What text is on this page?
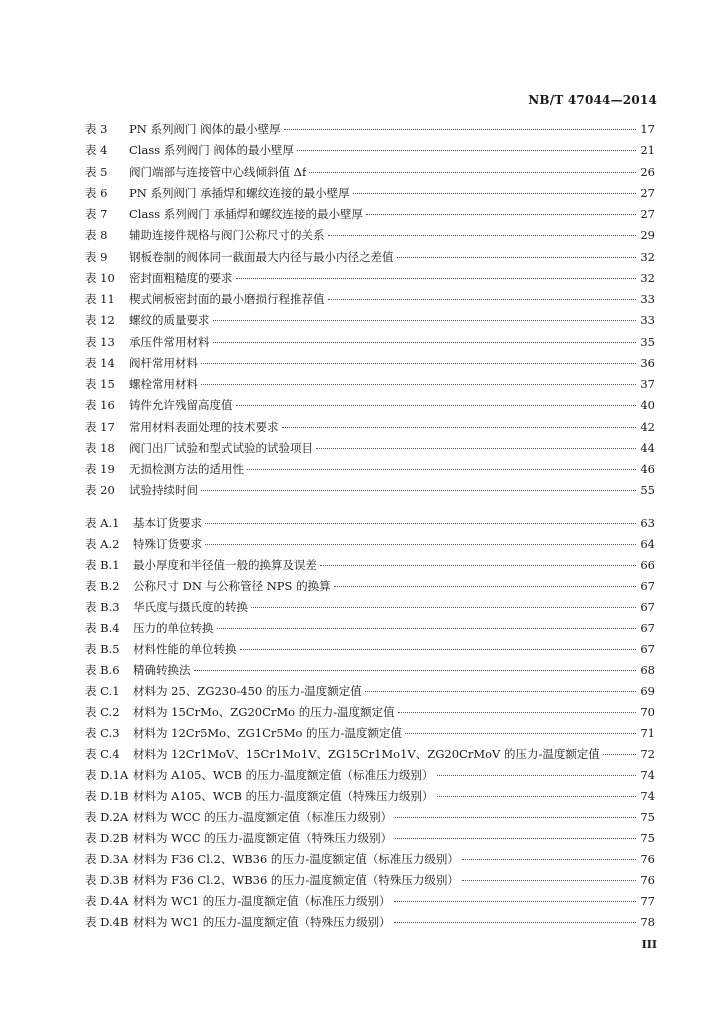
NB/T 47044—2014
表 3	PN 系列阀门 阀体的最小壁厚	17
表 4	Class 系列阀门 阀体的最小壁厚	21
表 5	阀门端部与连接管中心线倾斜值 Δf	26
表 6	PN 系列阀门 承插焊和螺纹连接的最小壁厚	27
表 7	Class 系列阀门 承插焊和螺纹连接的最小壁厚	27
表 8	辅助连接件规格与阀门公称尺寸的关系	29
表 9	钢板卷制的阀体同一截面最大内径与最小内径之差值	32
表 10	密封面粗糙度的要求	32
表 11	楔式闸板密封面的最小磨损行程推荐值	33
表 12	螺纹的质量要求	33
表 13	承压件常用材料	35
表 14	阀杆常用材料	36
表 15	螺栓常用材料	37
表 16	铸件允许残留高度值	40
表 17	常用材料表面处理的技术要求	42
表 18	阀门出厂试验和型式试验的试验项目	44
表 19	无损检测方法的适用性	46
表 20	试验持续时间	55
表 A.1	基本订货要求	63
表 A.2	特殊订货要求	64
表 B.1	最小厚度和半径值一般的换算及误差	66
表 B.2	公称尺寸 DN 与公称管径 NPS 的换算	67
表 B.3	华氏度与摄氏度的转换	67
表 B.4	压力的单位转换	67
表 B.5	材料性能的单位转换	67
表 B.6	精确转换法	68
表 C.1	材料为 25、ZG230-450 的压力-温度额定值	69
表 C.2	材料为 15CrMo、ZG20CrMo 的压力-温度额定值	70
表 C.3	材料为 12Cr5Mo、ZG1Cr5Mo 的压力-温度额定值	71
表 C.4	材料为 12Cr1MoV、15Cr1Mo1V、ZG15Cr1Mo1V、ZG20CrMoV 的压力-温度额定值	72
表 D.1A 材料为 A105、WCB 的压力-温度额定值（标准压力级别）	74
表 D.1B 材料为 A105、WCB 的压力-温度额定值（特殊压力级别）	74
表 D.2A 材料为 WCC 的压力-温度额定值（标准压力级别）	75
表 D.2B 材料为 WCC 的压力-温度额定值（特殊压力级别）	75
表 D.3A 材料为 F36 Cl.2、WB36 的压力-温度额定值（标准压力级别）	76
表 D.3B 材料为 F36 Cl.2、WB36 的压力-温度额定值（特殊压力级别）	76
表 D.4A 材料为 WC1 的压力-温度额定值（标准压力级别）	77
表 D.4B 材料为 WC1 的压力-温度额定值（特殊压力级别）	78
III
